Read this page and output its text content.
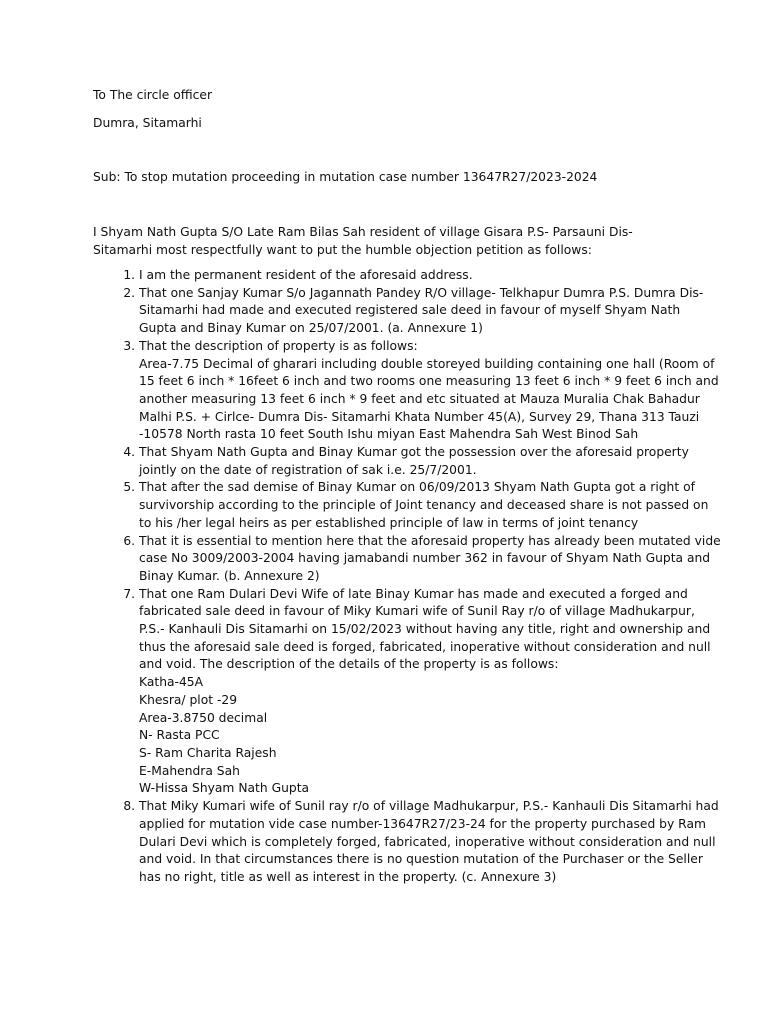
To The circle officer
Dumra, Sitamarhi
Sub: To stop mutation proceeding in mutation case number 13647R27/2023-2024
I Shyam Nath Gupta S/O Late Ram Bilas Sah resident of village Gisara P.S- Parsauni Dis- Sitamarhi most respectfully want to put the humble objection petition as follows:
1. I am the permanent resident of the aforesaid address.
2. That one Sanjay Kumar S/o Jagannath Pandey R/O village- Telkhapur Dumra P.S. Dumra Dis- Sitamarhi had made and executed registered sale deed in favour of myself Shyam Nath Gupta and Binay Kumar on 25/07/2001. (a. Annexure 1)
3. That the description of property is as follows:
Area-7.75 Decimal of gharari including double storeyed building containing one hall (Room of 15 feet 6 inch * 16feet 6 inch and two rooms one measuring 13 feet 6 inch * 9 feet 6 inch and another measuring 13 feet 6 inch * 9 feet and etc situated at Mauza Muralia Chak Bahadur Malhi P.S. + Cirlce- Dumra Dis- Sitamarhi Khata Number 45(A), Survey 29, Thana 313 Tauzi -10578 North rasta 10 feet South Ishu miyan East Mahendra Sah West Binod Sah
4. That Shyam Nath Gupta and Binay Kumar got the possession over the aforesaid property jointly on the date of registration of sak i.e. 25/7/2001.
5. That after the sad demise of Binay Kumar on 06/09/2013 Shyam Nath Gupta got a right of survivorship according to the principle of Joint tenancy and deceased share is not passed on to his /her legal heirs as per established principle of law in terms of joint tenancy
6. That it is essential to mention here that the aforesaid property has already been mutated vide case No 3009/2003-2004 having jamabandi number 362 in favour of Shyam Nath Gupta and Binay Kumar. (b. Annexure 2)
7. That one Ram Dulari Devi Wife of late Binay Kumar has made and executed a forged and fabricated sale deed in favour of Miky Kumari wife of Sunil Ray r/o of village Madhukarpur, P.S.- Kanhauli Dis Sitamarhi on 15/02/2023 without having any title, right and ownership and thus the aforesaid sale deed is forged, fabricated, inoperative without consideration and null and void. The description of the details of the property is as follows:
Katha-45A
Khesra/ plot -29
Area-3.8750 decimal
N- Rasta PCC
S- Ram Charita Rajesh
E-Mahendra Sah
W-Hissa Shyam Nath Gupta
8. That Miky Kumari wife of Sunil ray r/o of village Madhukarpur, P.S.- Kanhauli Dis Sitamarhi had applied for mutation vide case number-13647R27/23-24 for the property purchased by Ram Dulari Devi which is completely forged, fabricated, inoperative without consideration and null and void. In that circumstances there is no question mutation of the Purchaser or the Seller has no right, title as well as interest in the property. (c. Annexure 3)
